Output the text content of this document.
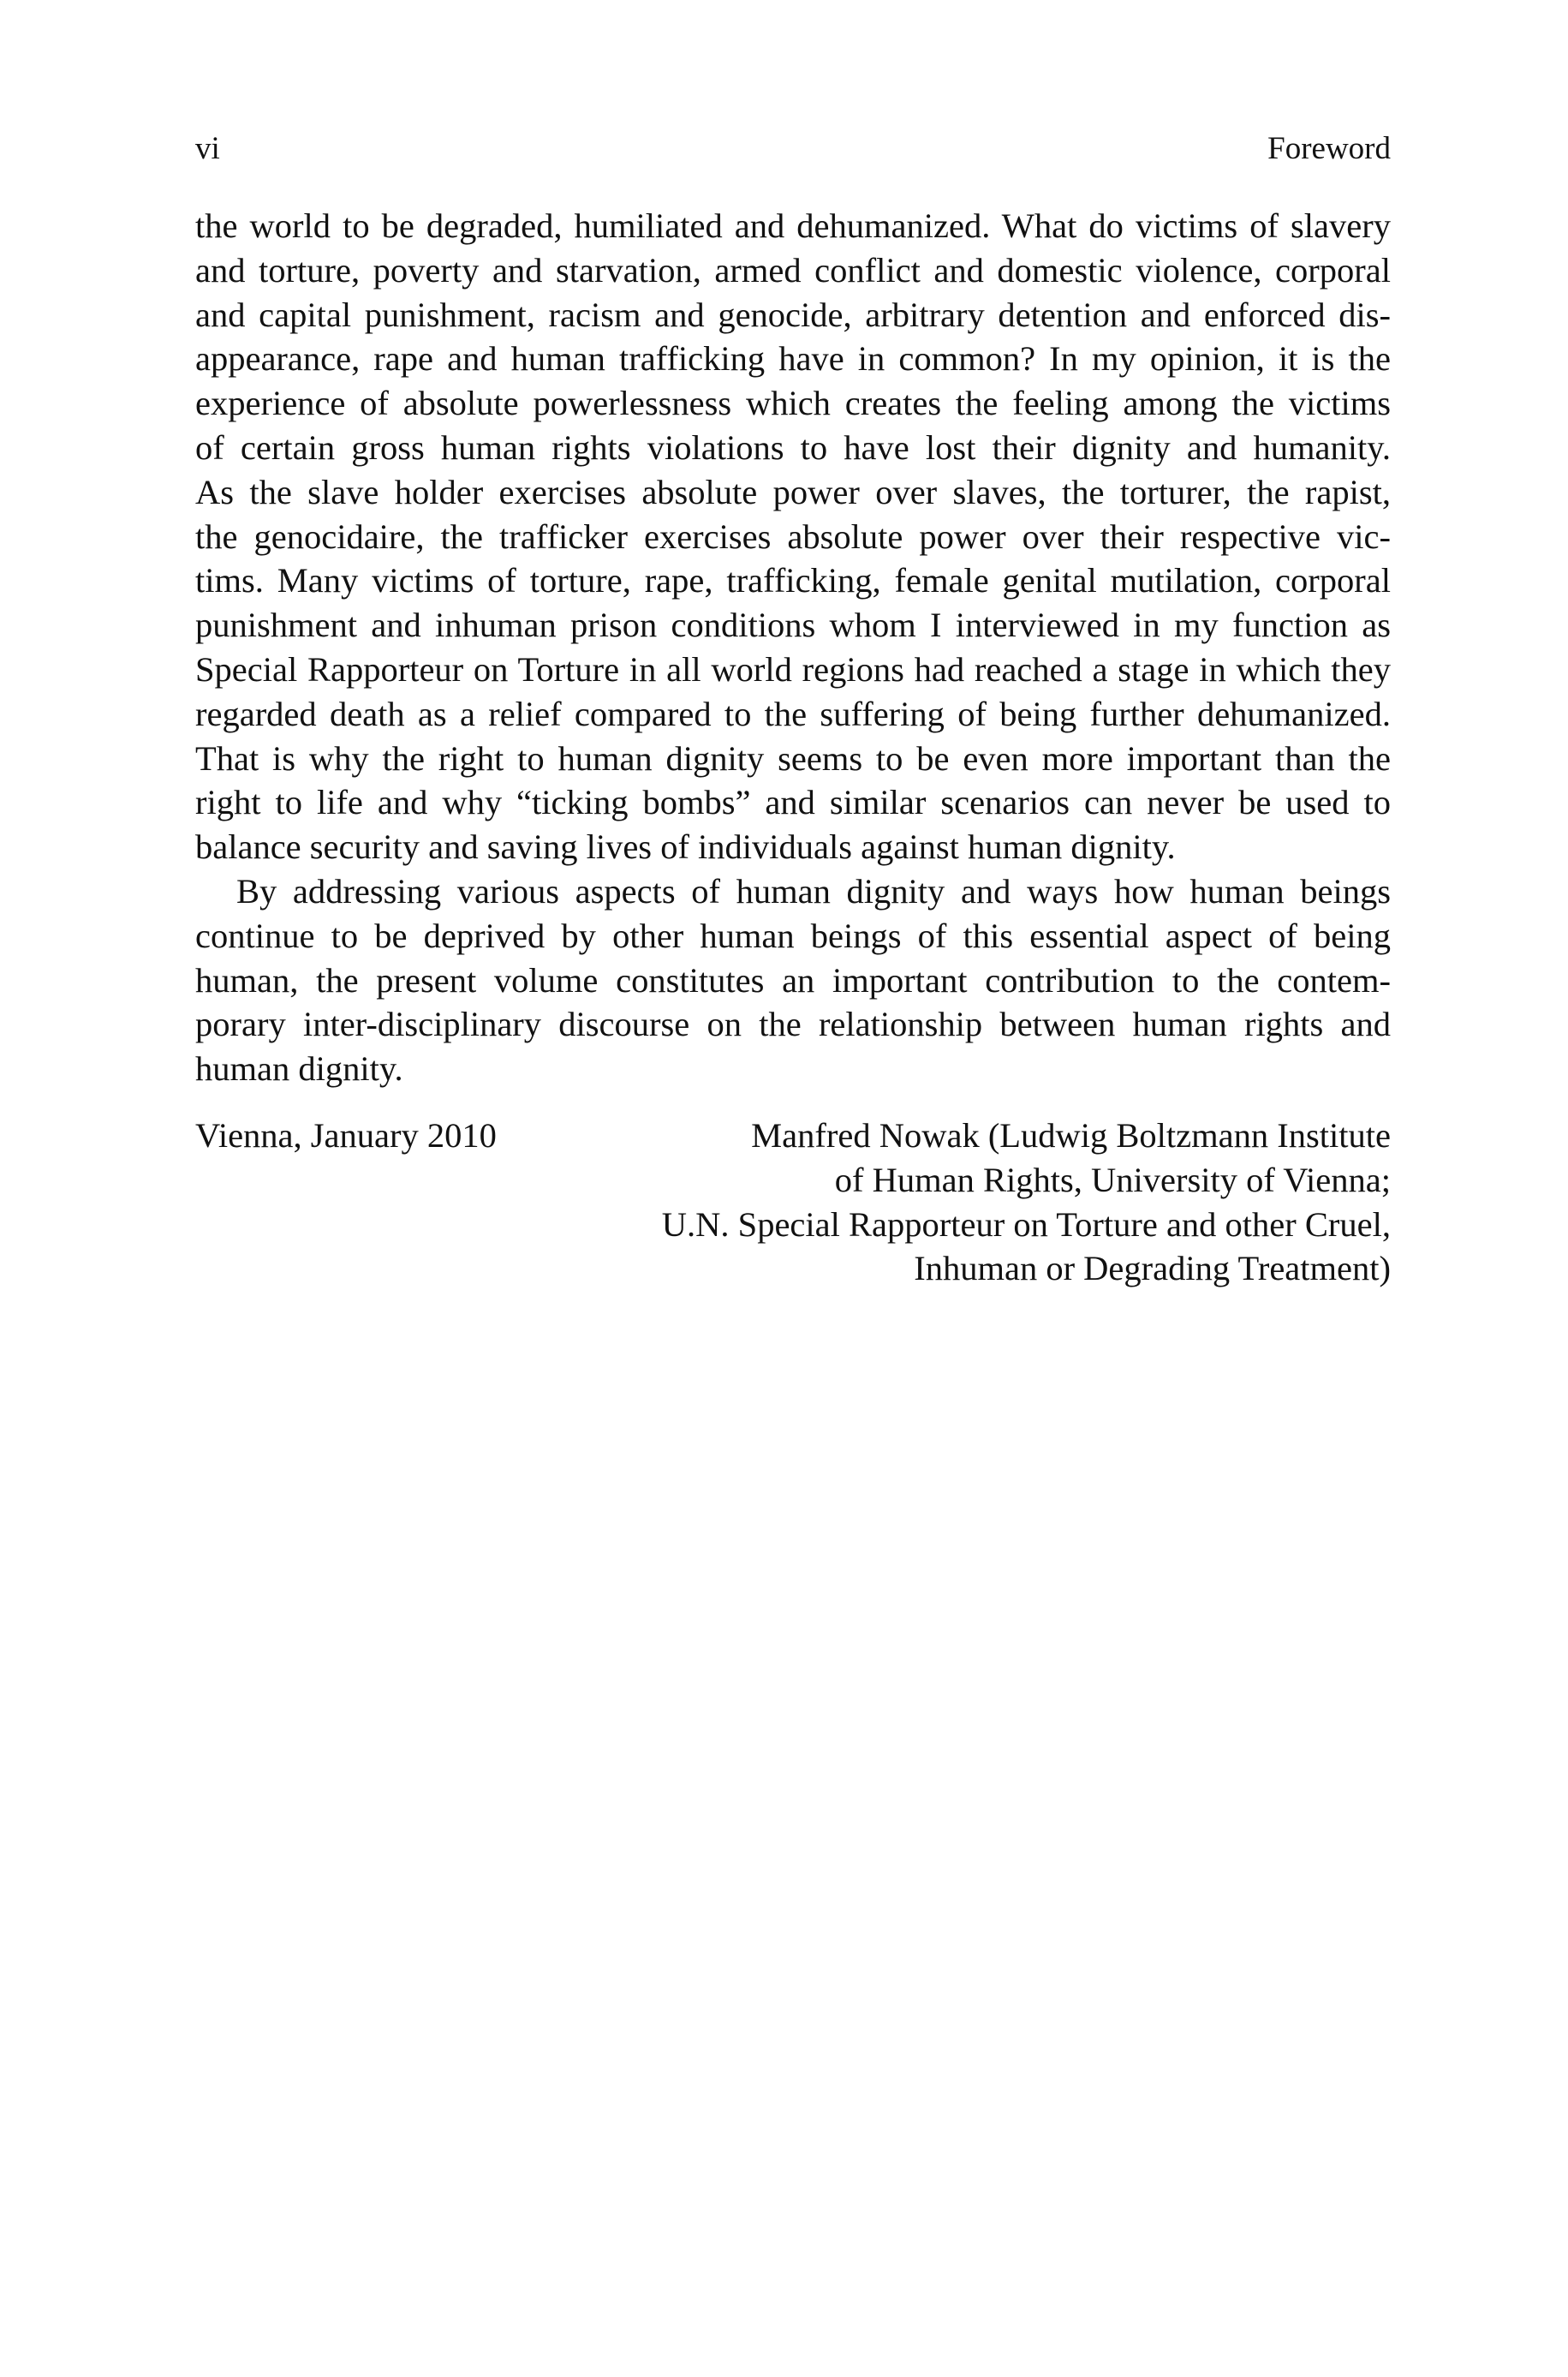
vi	Foreword

the world to be degraded, humiliated and dehumanized. What do victims of slavery
and torture, poverty and starvation, armed conflict and domestic violence, corporal
and capital punishment, racism and genocide, arbitrary detention and enforced dis-
appearance, rape and human trafficking have in common? In my opinion, it is the
experience of absolute powerlessness which creates the feeling among the victims
of certain gross human rights violations to have lost their dignity and humanity.
As the slave holder exercises absolute power over slaves, the torturer, the rapist,
the genocidaire, the trafficker exercises absolute power over their respective vic-
tims. Many victims of torture, rape, trafficking, female genital mutilation, corporal
punishment and inhuman prison conditions whom I interviewed in my function as
Special Rapporteur on Torture in all world regions had reached a stage in which they
regarded death as a relief compared to the suffering of being further dehumanized.
That is why the right to human dignity seems to be even more important than the
right to life and why “ticking bombs” and similar scenarios can never be used to
balance security and saving lives of individuals against human dignity.

By addressing various aspects of human dignity and ways how human beings
continue to be deprived by other human beings of this essential aspect of being
human, the present volume constitutes an important contribution to the contem-
porary inter-disciplinary discourse on the relationship between human rights and
human dignity.

Vienna, January 2010	Manfred Nowak (Ludwig Boltzmann Institute
of Human Rights, University of Vienna;
U.N. Special Rapporteur on Torture and other Cruel,
Inhuman or Degrading Treatment)
